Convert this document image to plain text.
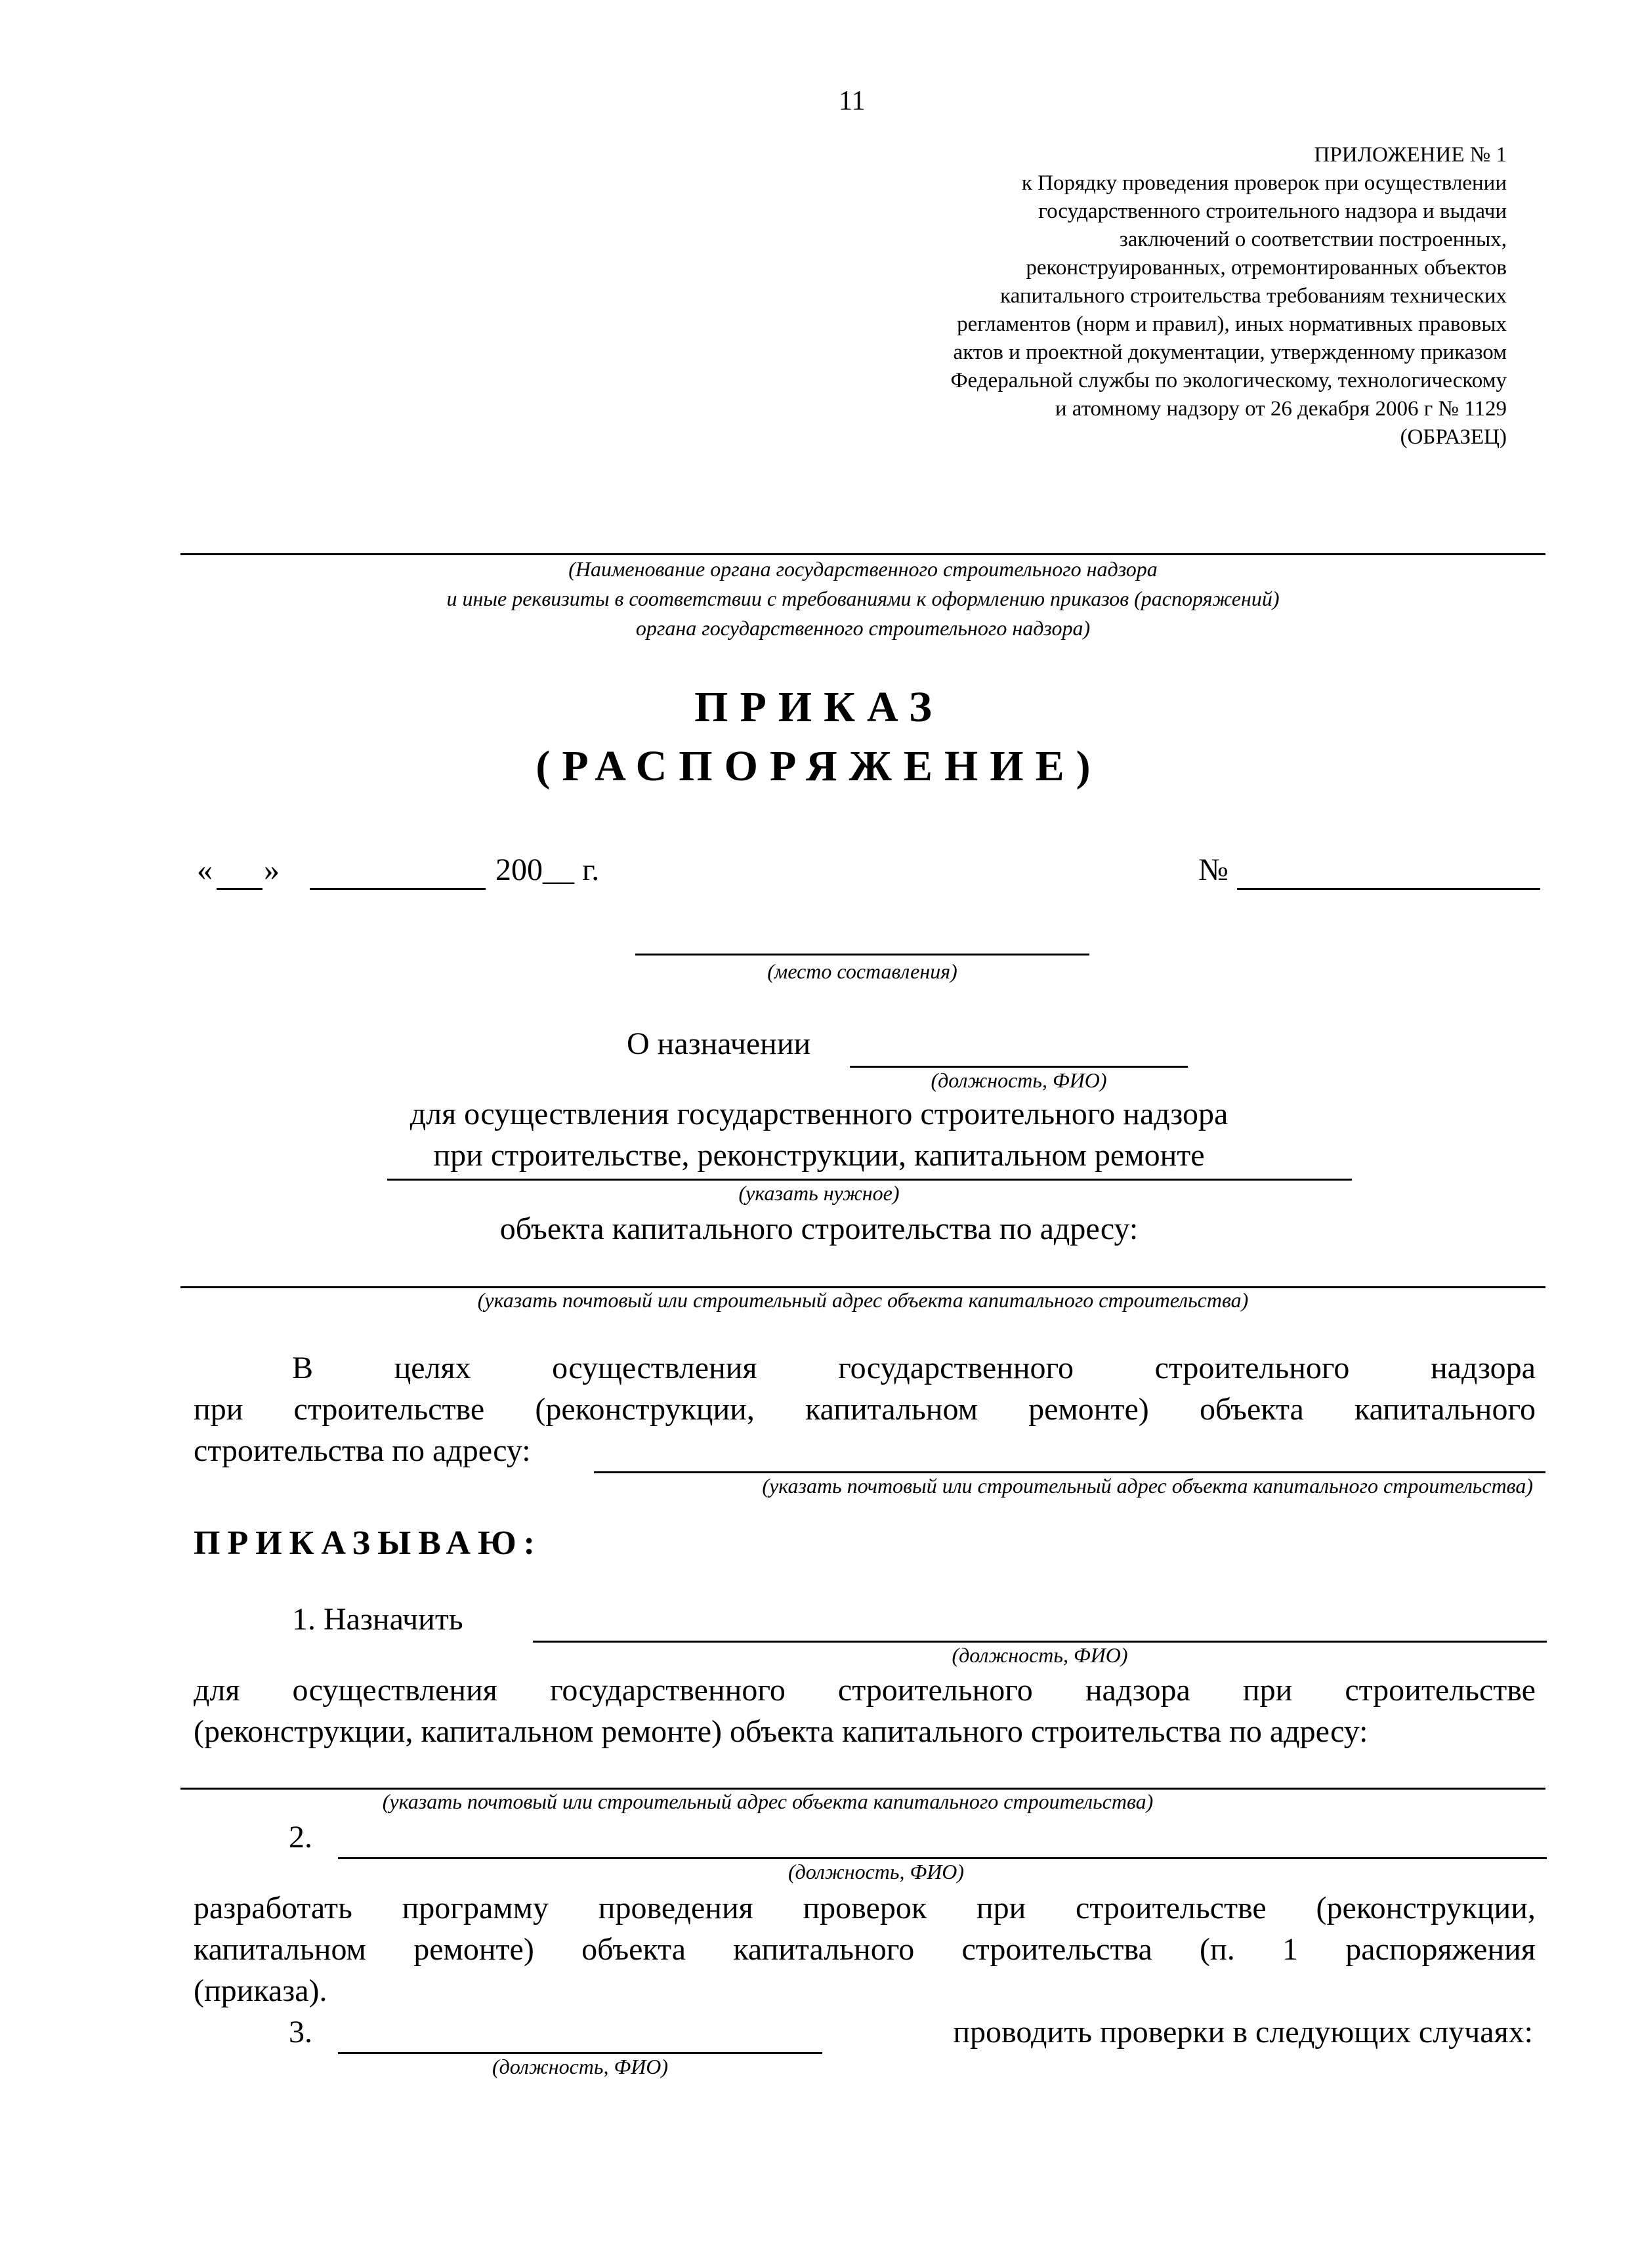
11
ПРИЛОЖЕНИЕ № 1
к Порядку проведения проверок при осуществлении
государственного строительного надзора и выдачи
заключений о соответствии построенных,
реконструированных, отремонтированных объектов
капитального строительства требованиям технических
регламентов (норм и правил), иных нормативных правовых
актов и проектной документации, утвержденному приказом
Федеральной службы по экологическому, технологическому
и атомному надзору от 26 декабря 2006 г № 1129
(ОБРАЗЕЦ)
(Наименование органа государственного строительного надзора
и иные реквизиты в соответствии с требованиями к оформлению приказов (распоряжений)
органа государственного строительного надзора)
ПРИКАЗ
(РАСПОРЯЖЕНИЕ)
« »	200__ г.	№
(место составления)
О назначении
(должность, ФИО)
для осуществления государственного строительного надзора
при строительстве, реконструкции, капитальном ремонте
(указать нужное)
объекта капитального строительства по адресу:
(указать почтовый или строительный адрес объекта капитального строительства)
В	целях	осуществления	государственного	строительного	надзора
при строительстве (реконструкции, капитальном ремонте) объекта капитального
строительства по адресу:
(указать почтовый или строительный адрес объекта капитального строительства)
ПРИКАЗЫВАЮ:
1. Назначить
(должность, ФИО)
для осуществления государственного строительного надзора при строительстве
(реконструкции, капитальном ремонте) объекта капитального строительства по адресу:
(указать почтовый или строительный адрес объекта капитального строительства)
2.
(должность, ФИО)
разработать программу проведения проверок при строительстве (реконструкции,
капитальном ремонте) объекта капитального строительства (п. 1 распоряжения
(приказа).
3.	проводить проверки в следующих случаях:
(должность, ФИО)
